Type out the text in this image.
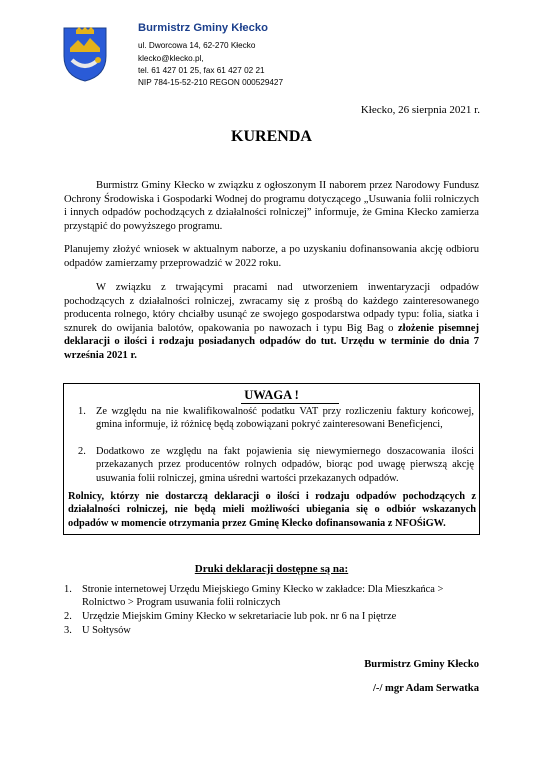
Burmistrz Gminy Kłecko
ul. Dworcowa 14, 62-270 Kłecko
klecko@klecko.pl,
tel. 61 427 01 25, fax 61 427 02 21
NIP 784-15-52-210 REGON 000529427
Kłecko, 26 sierpnia 2021 r.
KURENDA
Burmistrz Gminy Kłecko w związku z ogłoszonym II naborem przez Narodowy Fundusz Ochrony Środowiska i Gospodarki Wodnej do programu dotyczącego „Usuwania folii rolniczych i innych odpadów pochodzących z działalności rolniczej” informuje, że Gmina Kłecko zamierza przystąpić do powyższego programu.
Planujemy złożyć wniosek w aktualnym naborze, a po uzyskaniu dofinansowania akcję odbioru odpadów zamierzamy przeprowadzić w 2022 roku.
W związku z trwającymi pracami nad utworzeniem inwentaryzacji odpadów pochodzących z działalności rolniczej, zwracamy się z prośbą do każdego zainteresowanego producenta rolnego, który chciałby usunąć ze swojego gospodarstwa odpady typu: folia, siatka i sznurek do owijania balotów, opakowania po nawozach i typu Big Bag o złożenie pisemnej deklaracji o ilości i rodzaju posiadanych odpadów do tut. Urzędu w terminie do dnia 7 września 2021 r.
UWAGA !
1. Ze względu na nie kwalifikowalność podatku VAT przy rozliczeniu faktury końcowej, gmina informuje, iż różnicę będą zobowiązani pokryć zainteresowani Beneficjenci,
2. Dodatkowo ze względu na fakt pojawienia się niewymiernego doszacowania ilości przekazanych przez producentów rolnych odpadów, biorąc pod uwagę pierwszą akcję usuwania folii rolniczej, gmina uśredni wartości przekazanych odpadów.
Rolnicy, którzy nie dostarczą deklaracji o ilości i rodzaju odpadów pochodzących z działalności rolniczej, nie będą mieli możliwości ubiegania się o odbiór wskazanych odpadów w momencie otrzymania przez Gminę Kłecko dofinansowania z NFOŚiGW.
Druki deklaracji dostępne są na:
1. Stronie internetowej Urzędu Miejskiego Gminy Kłecko w zakładce: Dla Mieszkańca > Rolnictwo > Program usuwania folii rolniczych
2. Urzędzie Miejskim Gminy Kłecko w sekretariacie lub pok. nr 6 na I piętrze
3. U Sołtysów
Burmistrz Gminy Kłecko
/-/ mgr Adam Serwatka
